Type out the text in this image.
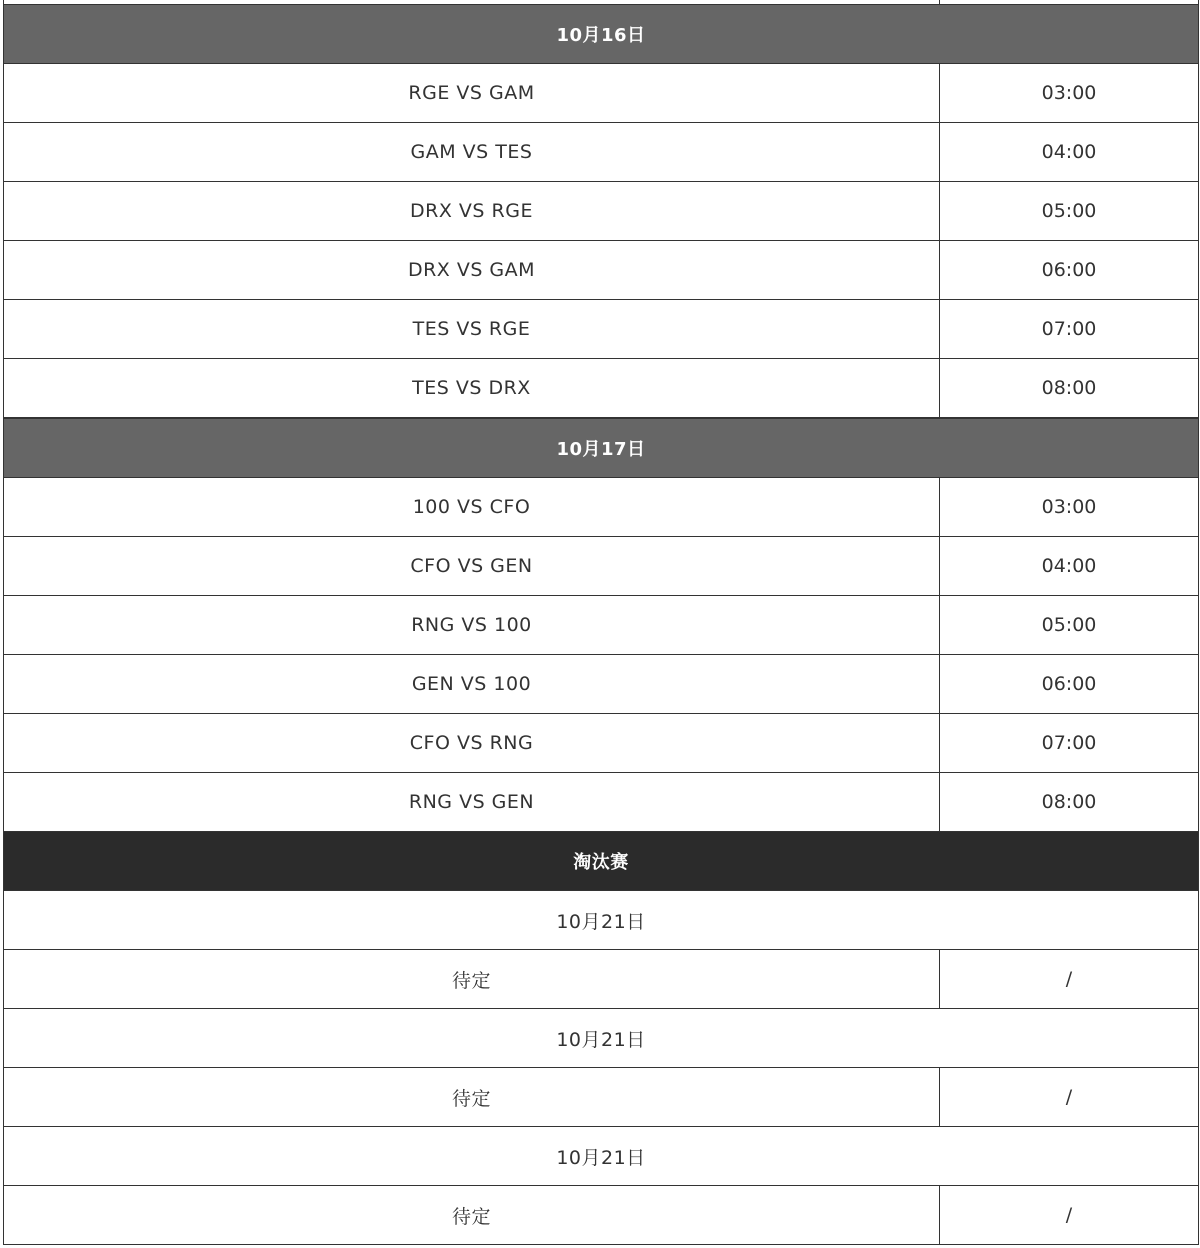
10月16日
RGE VS GAM	03:00
GAM VS TES	04:00
DRX VS RGE	05:00
DRX VS GAM	06:00
TES VS RGE	07:00
TES VS DRX	08:00
10月17日
100 VS CFO	03:00
CFO VS GEN	04:00
RNG VS 100	05:00
GEN VS 100	06:00
CFO VS RNG	07:00
RNG VS GEN	08:00
淘汰赛
10月21日
待定	/
10月21日
待定	/
10月21日
待定	/
